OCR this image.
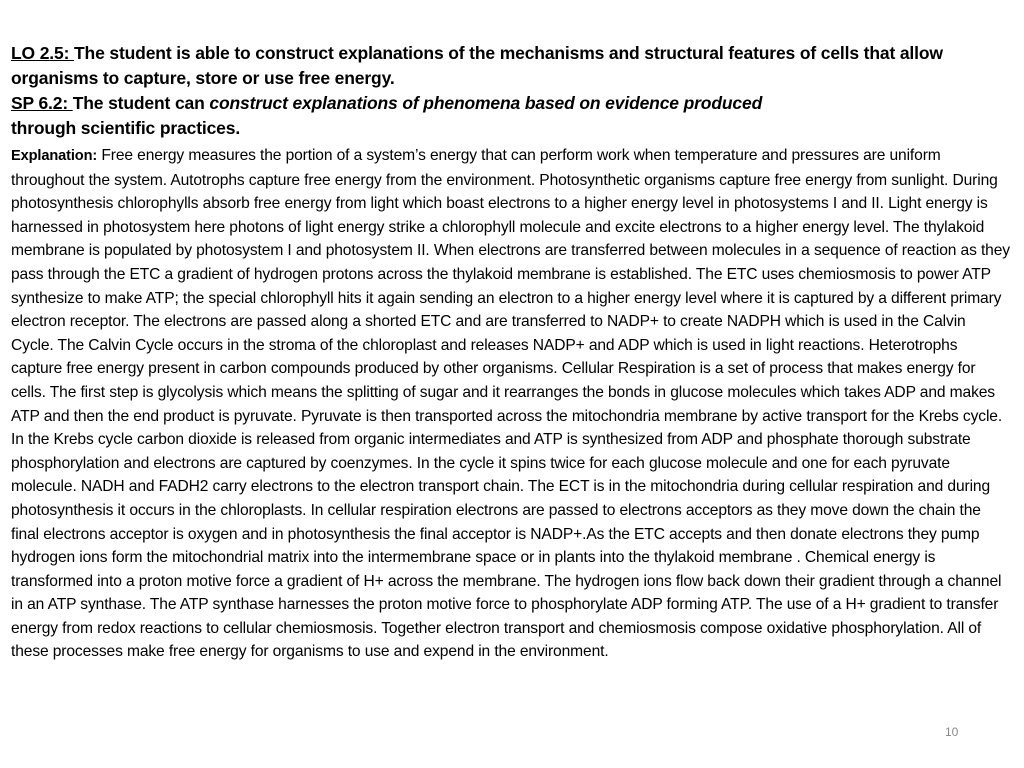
LO 2.5: The student is able to construct explanations of the mechanisms and structural features of cells that allow organisms to capture, store or use free energy.
SP 6.2: The student can construct explanations of phenomena based on evidence produced
through scientific practices.
Explanation: Free energy measures the portion of a system’s energy that can perform work when temperature and pressures are uniform throughout the system. Autotrophs capture free energy from the environment. Photosynthetic organisms capture free energy from sunlight. During photosynthesis chlorophylls absorb free energy from light which boast electrons to a higher energy level in photosystems I and II. Light energy is harnessed in photosystem here photons of light energy strike a chlorophyll molecule and excite electrons to a higher energy level. The thylakoid membrane is populated by photosystem I and photosystem II. When electrons are transferred between molecules in a sequence of reaction as they pass through the ETC a gradient of hydrogen protons across the thylakoid membrane is established. The ETC uses chemiosmosis to power ATP synthesize to make ATP; the special chlorophyll hits it again sending an electron to a higher energy level where it is captured by a different primary electron receptor. The electrons are passed along a shorted ETC and are transferred to NADP+ to create NADPH which is used in the Calvin Cycle. The Calvin Cycle occurs in the stroma of the chloroplast and releases NADP+ and ADP which is used in light reactions. Heterotrophs capture free energy present in carbon compounds produced by other organisms. Cellular Respiration is a set of process that makes energy for cells. The first step is glycolysis which means the splitting of sugar and it rearranges the bonds in glucose molecules which takes ADP and makes ATP and then the end product is pyruvate. Pyruvate is then transported across the mitochondria membrane by active transport for the Krebs cycle. In the Krebs cycle carbon dioxide is released from organic intermediates and ATP is synthesized from ADP and phosphate thorough substrate phosphorylation and electrons are captured by coenzymes. In the cycle it spins twice for each glucose molecule and one for each pyruvate molecule. NADH and FADH2 carry electrons to the electron transport chain. The ECT is in the mitochondria during cellular respiration and during photosynthesis it occurs in the chloroplasts. In cellular respiration electrons are passed to electrons acceptors as they move down the chain the final electrons acceptor is oxygen and in photosynthesis the final acceptor is NADP+.As the ETC accepts and then donate electrons they pump hydrogen ions form the mitochondrial matrix into the intermembrane space or in plants into the thylakoid membrane . Chemical energy is transformed into a proton motive force a gradient of H+ across the membrane. The hydrogen ions flow back down their gradient through a channel in an ATP synthase. The ATP synthase harnesses the proton motive force to phosphorylate ADP forming ATP. The use of a H+ gradient to transfer energy from redox reactions to cellular chemiosmosis. Together electron transport and chemiosmosis compose oxidative phosphorylation. All of these processes make free energy for organisms to use and expend in the environment.
10
